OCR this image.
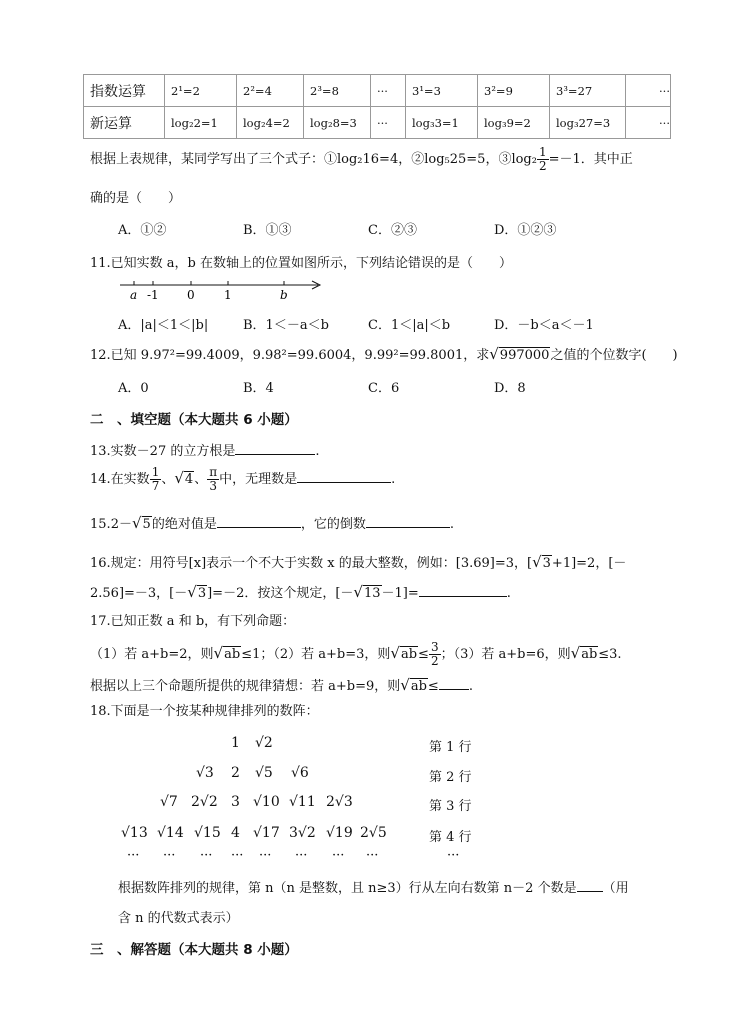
指数运算	2¹=2	2²=4	2³=8	···	3¹=3	3²=9	3³=27	···
新运算	log₂2=1	log₂4=2	log₂8=3	···	log₃3=1	log₃9=2	log₃27=3	···
根据上表规律，某同学写出了三个式子：①log₂16=4，②log₅25=5，③log₂ $\frac{1}{2} =-1$．其中正
确的是（　　）
A．①②	B．①③	C．②③	D．①②③
11.已知实数 a，b 在数轴上的位置如图所示，下列结论错误的是（　　）
a -1 0 1	b
A．|a|＜1＜|b|	B．1＜－a＜b	C．1＜|a|＜b	D．－b＜a＜－1
12.已知 9.97²=99.4009，9.98²=99.6004，9.99²=99.8001，求√997000之值的个位数字(　　)
A．0	B．4	C．6	D．8
二　、填空题（本大题共 6 小题）
13.实数－27 的立方根是	.
14.在实数 $\frac{1}{7}$ 、√4、 $\frac{\pi}{3}$ 中，无理数是	.
15.2－√5的绝对值是	，它的倒数	.
16.规定：用符号[x]表示一个不大于实数 x 的最大整数，例如：[3.69]=3，[√3+1]=2，[－
2.56]=－3，[－√3]=－2．按这个规定，[－√13－1]=	.
17.已知正数 a 和 b，有下列命题：
（1）若 a+b=2，则√ab≤1；（2）若 a+b=3，则$√ab\le \frac{3}{2}$ ；（3）若 a+b=6，则√ab≤3.
根据以上三个命题所提供的规律猜想：若 a+b=9，则√ab≤ .
18.下面是一个按某种规律排列的数阵：
1 √2
√3 2 √5 √6
√7 2√2 3 √10 √11 2√3
√13 √14 √15 4 √17 3√2 √19 2√5
··· ··· ··· ··· ··· ··· ··· ···
第 1 行
第 2 行
第 3 行
第 4 行
···
根据数阵排列的规律，第 n（n 是整数，且 n≥3）行从左向右数第 n－2 个数是 （用
含 n 的代数式表示）
三　、解答题（本大题共 8 小题）
